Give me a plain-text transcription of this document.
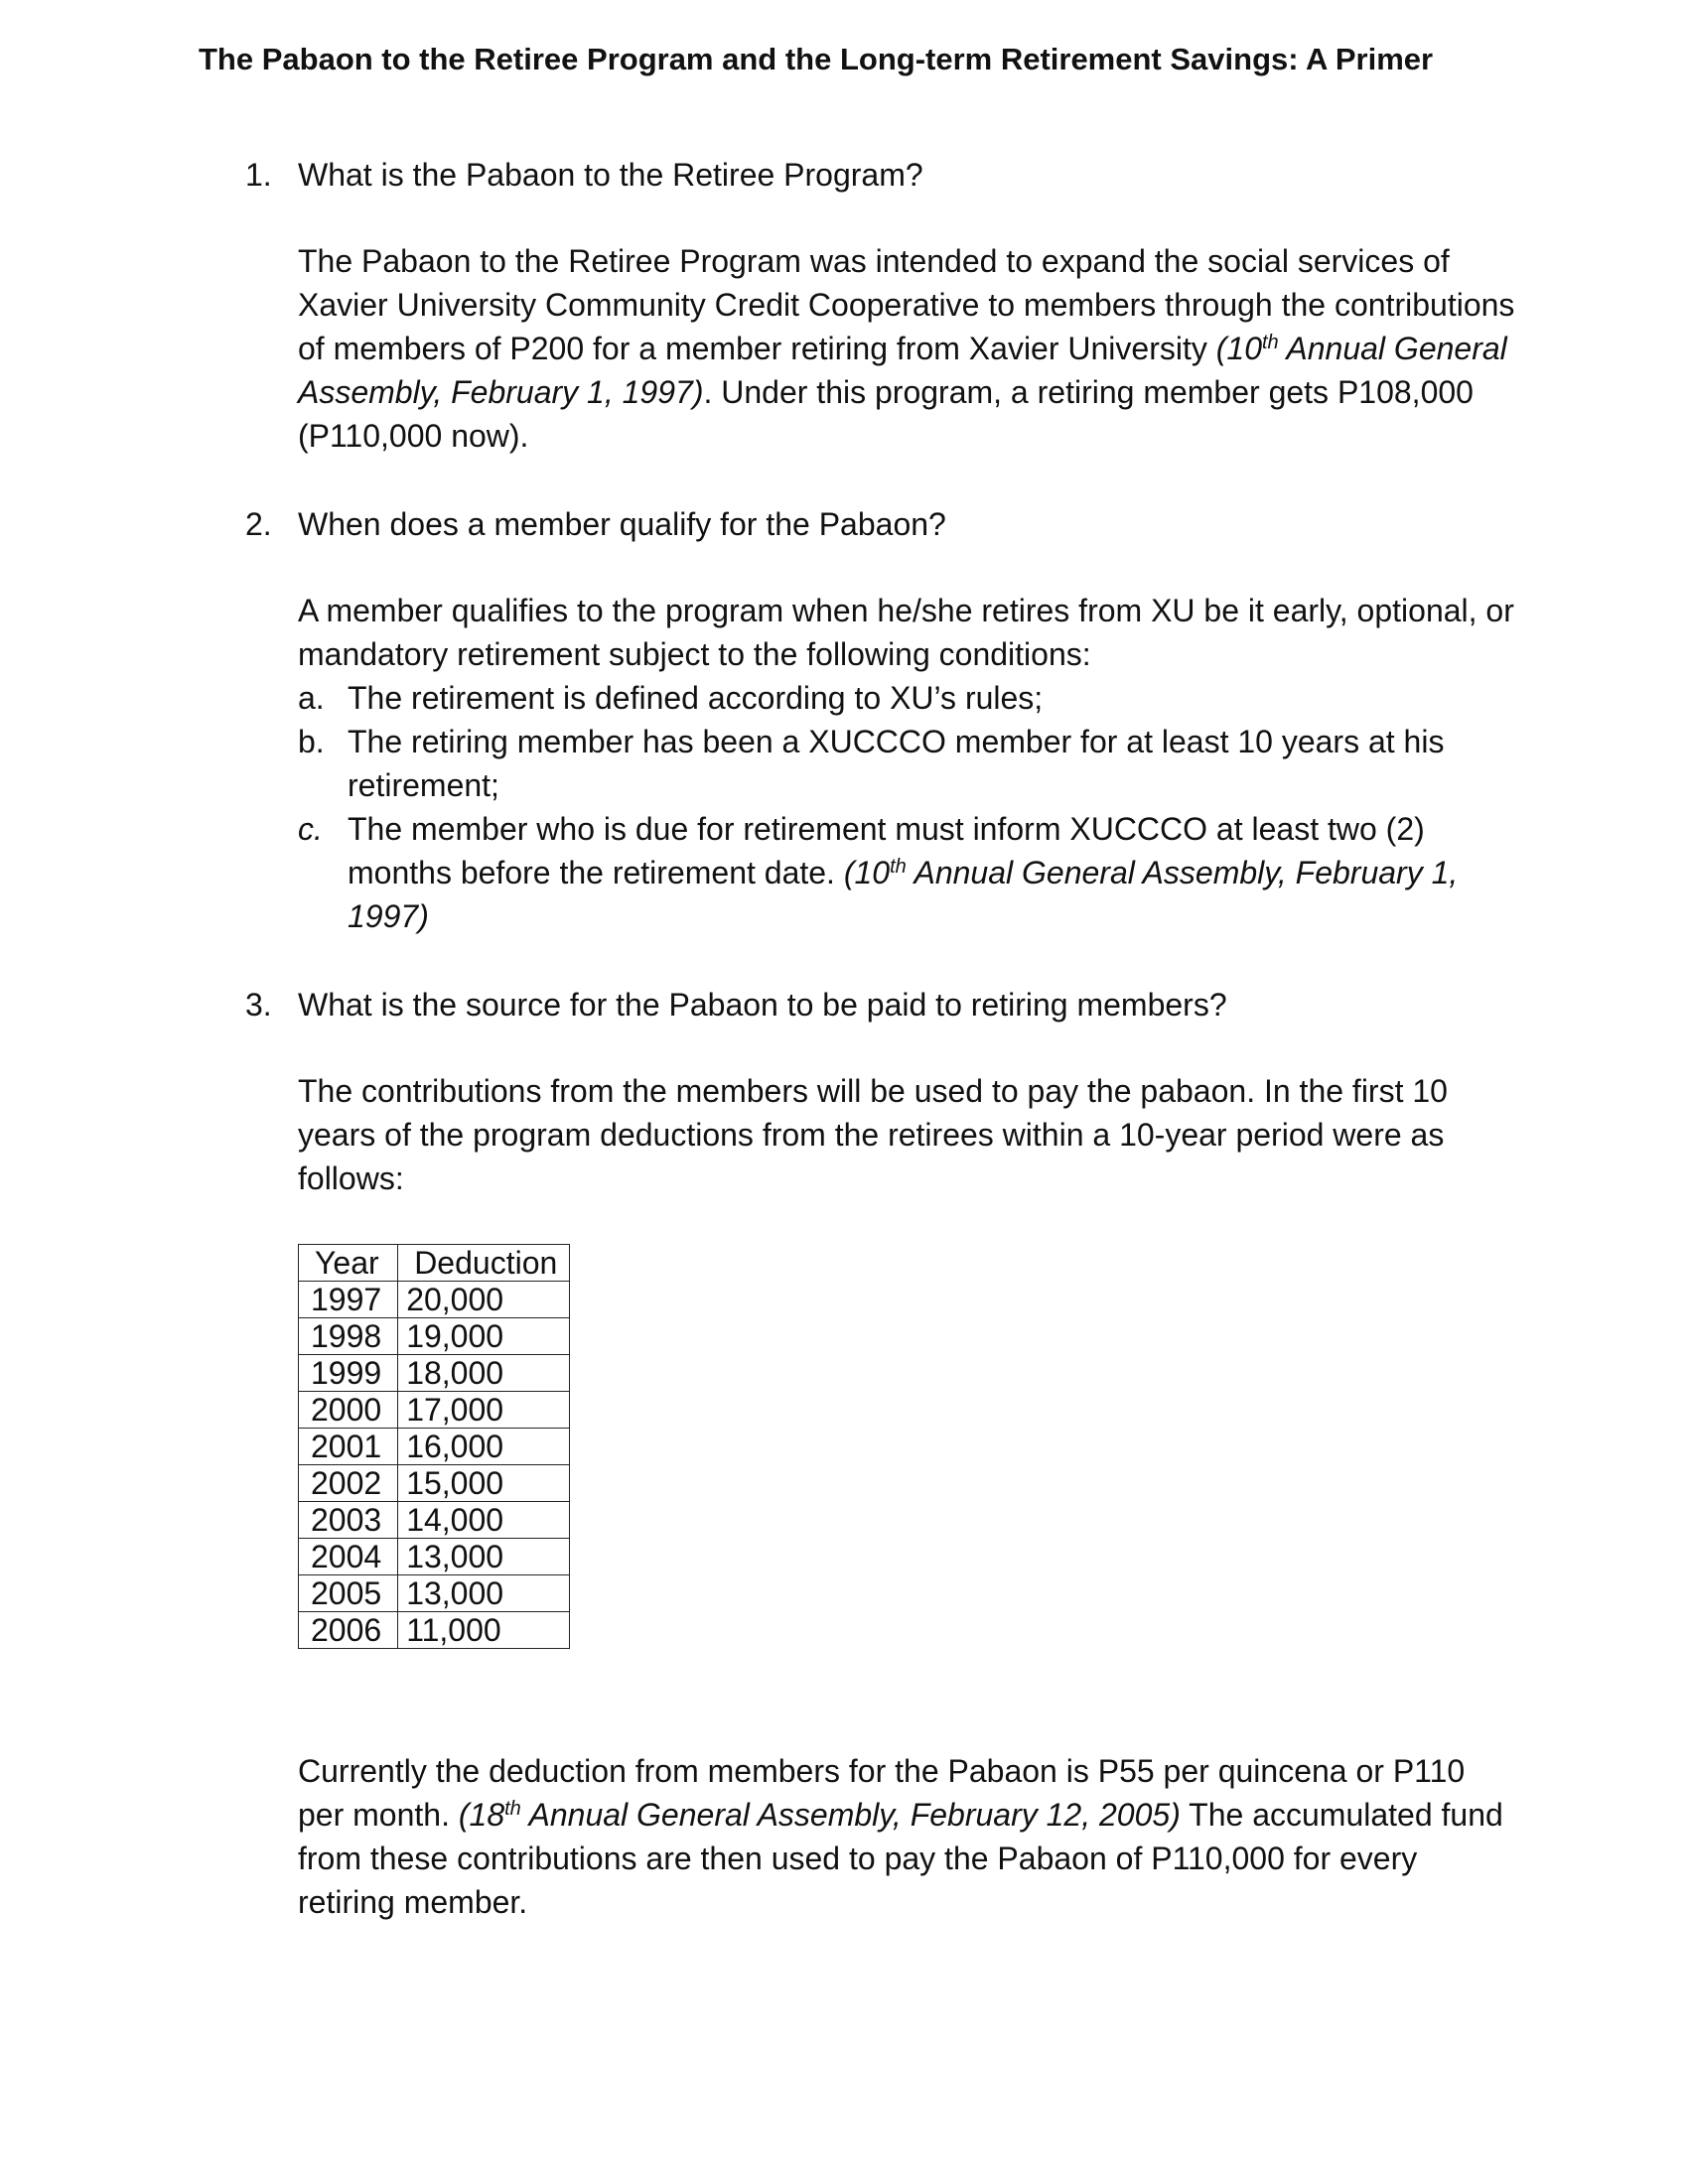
The Pabaon to the Retiree Program and the Long-term Retirement Savings: A Primer
1. What is the Pabaon to the Retiree Program?

The Pabaon to the Retiree Program was intended to expand the social services of Xavier University Community Credit Cooperative to members through the contributions of members of P200 for a member retiring from Xavier University (10th Annual General Assembly, February 1, 1997). Under this program, a retiring member gets P108,000 (P110,000 now).

2. When does a member qualify for the Pabaon?

A member qualifies to the program when he/she retires from XU be it early, optional, or mandatory retirement subject to the following conditions:

a. The retirement is defined according to XU’s rules;
b. The retiring member has been a XUCCCO member for at least 10 years at his retirement;
c. The member who is due for retirement must inform XUCCCO at least two (2) months before the retirement date. (10th Annual General Assembly, February 1, 1997)
3. What is the source for the Pabaon to be paid to retiring members?

The contributions from the members will be used to pay the pabaon. In the first 10 years of the program deductions from the retirees within a 10-year period were as follows:

Year	Deduction
1997	20,000
1998	19,000
1999	18,000
2000	17,000
2001	16,000
2002	15,000
2003	14,000
2004	13,000
2005	13,000
2006	11,000

Currently the deduction from members for the Pabaon is P55 per quincena or P110 per month. (18th Annual General Assembly, February 12, 2005) The accumulated fund from these contributions are then used to pay the Pabaon of P110,000 for every retiring member.
